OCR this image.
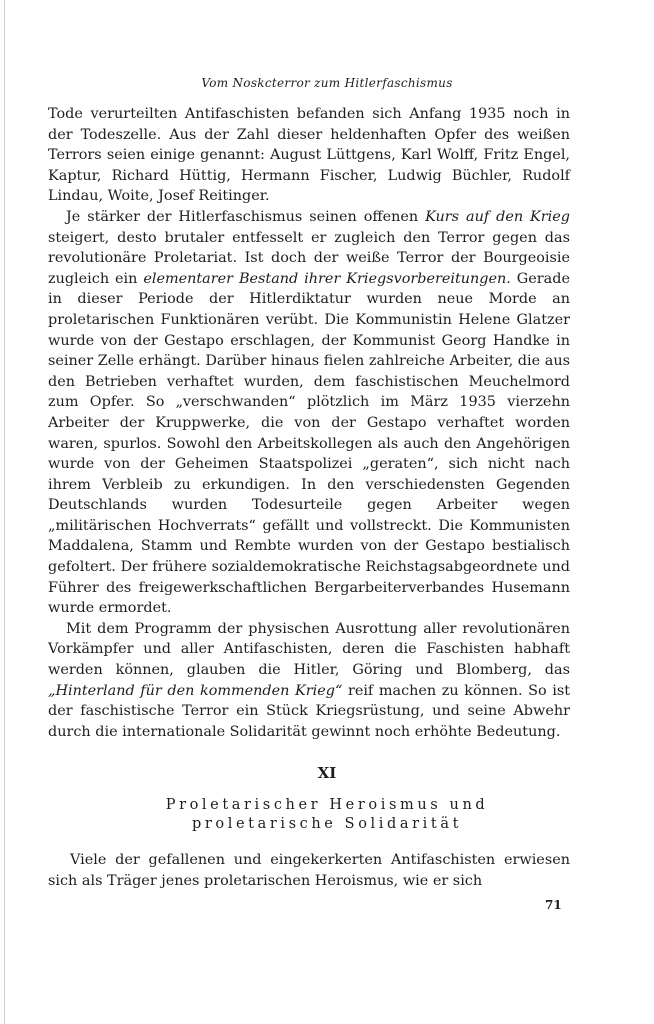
Vom Noskcterror zum Hitlerfaschismus

Tode verurteilten Antifaschisten befanden sich Anfang 1935 noch in der Todeszelle. Aus der Zahl dieser heldenhaften Opfer des weißen Terrors seien einige genannt: August Lüttgens, Karl Wolff, Fritz Engel, Kaptur, Richard Hüttig, Hermann Fischer, Ludwig Büchler, Rudolf Lindau, Woite, Josef Reitinger.

Je stärker der Hitlerfaschismus seinen offenen Kurs auf den Krieg steigert, desto brutaler entfesselt er zugleich den Terror gegen das revolutionäre Proletariat. Ist doch der weiße Terror der Bourgeoisie zugleich ein elementarer Bestand ihrer Kriegsvorbereitungen. Gerade in dieser Periode der Hitlerdiktatur wurden neue Morde an proletarischen Funktionären verübt. Die Kommunistin Helene Glatzer wurde von der Gestapo erschlagen, der Kommunist Georg Handke in seiner Zelle erhängt. Darüber hinaus fielen zahlreiche Arbeiter, die aus den Betrieben verhaftet wurden, dem faschistischen Meuchelmord zum Opfer. So „verschwanden“ plötzlich im März 1935 vierzehn Arbeiter der Kruppwerke, die von der Gestapo verhaftet worden waren, spurlos. Sowohl den Arbeitskollegen als auch den Angehörigen wurde von der Geheimen Staatspolizei „geraten“, sich nicht nach ihrem Verbleib zu erkundigen. In den verschiedensten Gegenden Deutschlands wurden Todesurteile gegen Arbeiter wegen „militärischen Hochverrats“ gefällt und vollstreckt. Die Kommunisten Maddalena, Stamm und Rembte wurden von der Gestapo bestialisch gefoltert. Der frühere sozialdemokratische Reichstagsabgeordnete und Führer des freigewerkschaftlichen Bergarbeiterverbandes Husemann wurde ermordet.

Mit dem Programm der physischen Ausrottung aller revolutionären Vorkämpfer und aller Antifaschisten, deren die Faschisten habhaft werden können, glauben die Hitler, Göring und Blomberg, das „Hinterland für den kommenden Krieg“ reif machen zu können. So ist der faschistische Terror ein Stück Kriegsrüstung, und seine Abwehr durch die internationale Solidarität gewinnt noch erhöhte Bedeutung.

XI
Proletarischer Heroismus und
proletarische Solidarität

Viele der gefallenen und eingekerkerten Antifaschisten erwiesen sich als Träger jenes proletarischen Heroismus, wie er sich

71
